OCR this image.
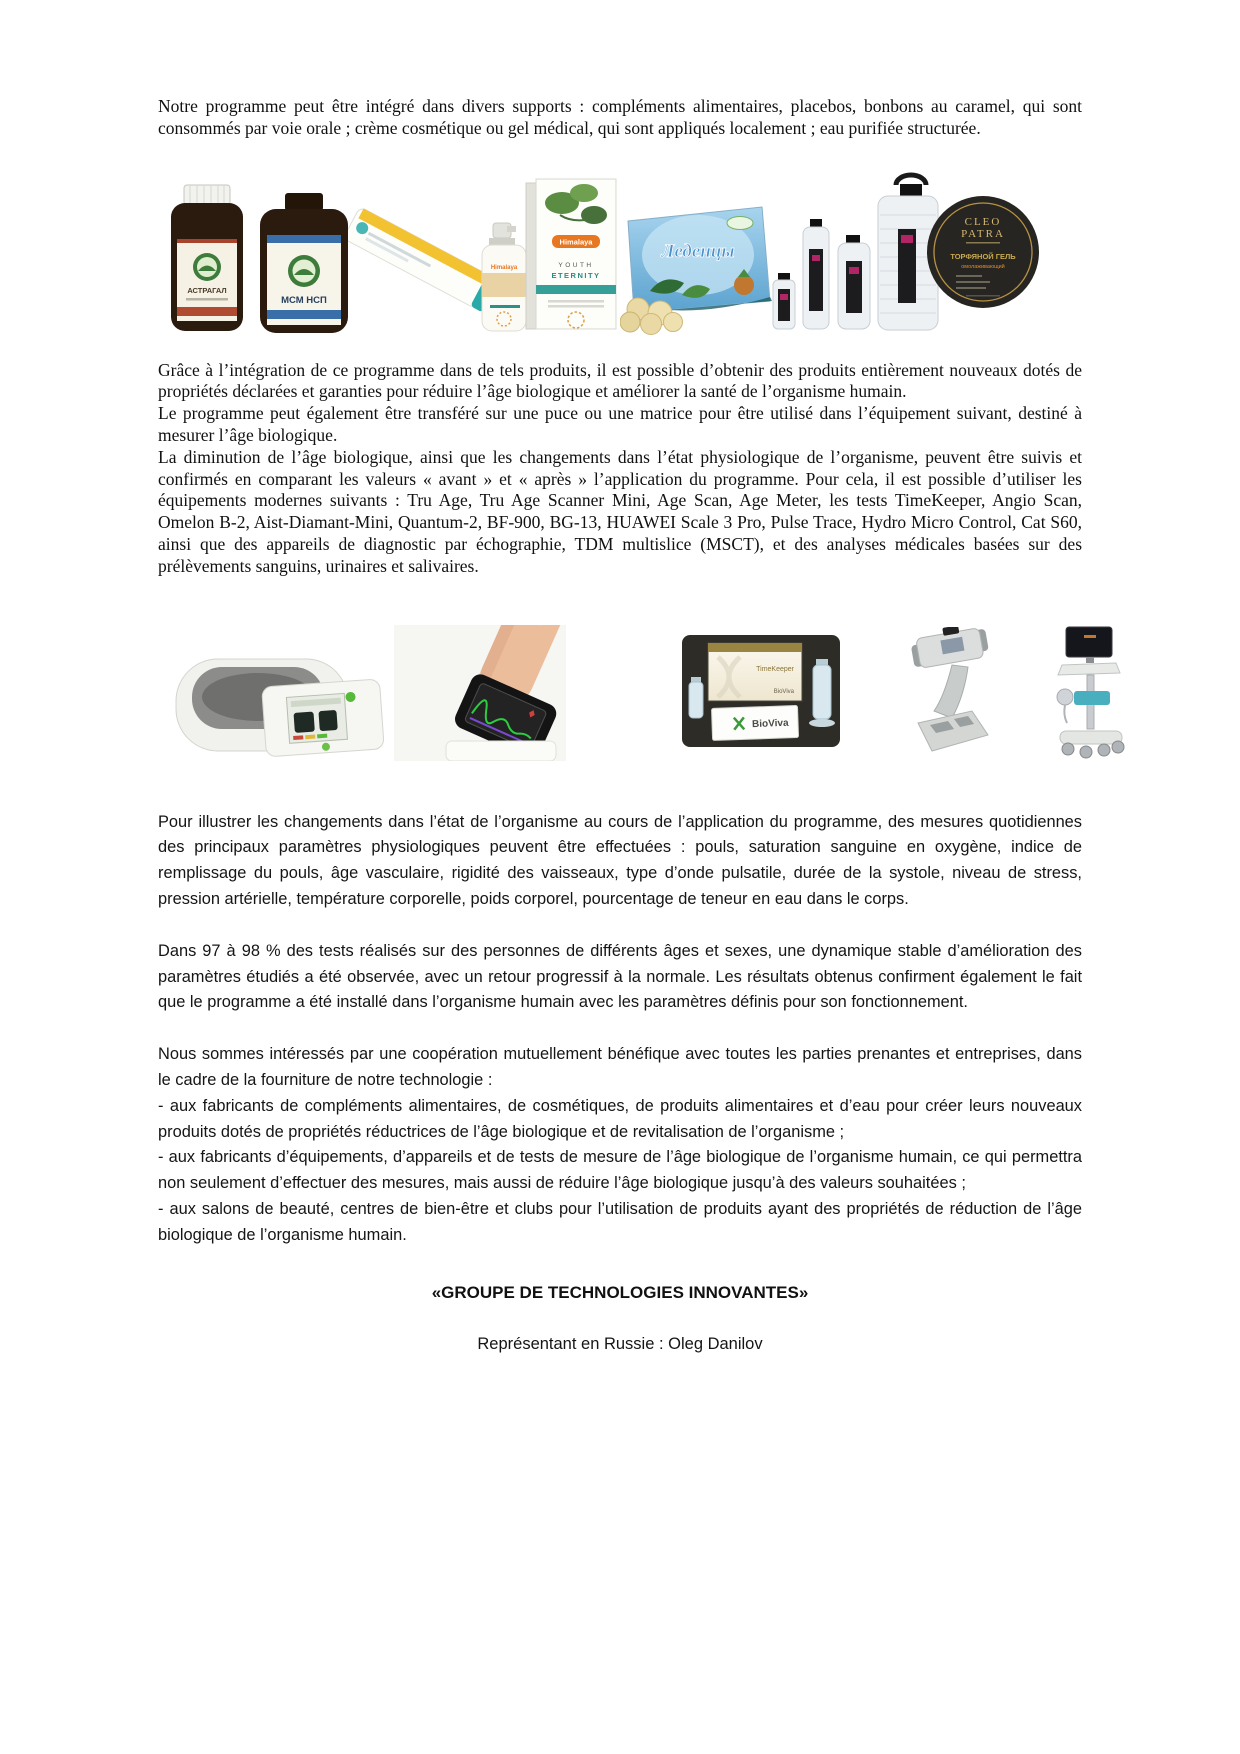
Notre programme peut être intégré dans divers supports : compléments alimentaires, placebos, bonbons au caramel, qui sont consommés par voie orale ; crème cosmétique ou gel médical, qui sont appliqués localement ; eau purifiée structurée.

АСТРАГАЛ
МСМ НСП
Himalaya
Himalaya
YOUTH
ETERNITY
Леденцы
CLEO
PATRA
ТОРФЯНОЙ ГЕЛЬ
омолаживающий

Grâce à l’intégration de ce programme dans de tels produits, il est possible d’obtenir des produits entièrement nouveaux dotés de propriétés déclarées et garanties pour réduire l’âge biologique et améliorer la santé de l’organisme humain.

Le programme peut également être transféré sur une puce ou une matrice pour être utilisé dans l’équipement suivant, destiné à mesurer l’âge biologique.

La diminution de l’âge biologique, ainsi que les changements dans l’état physiologique de l’organisme, peuvent être suivis et confirmés en comparant les valeurs « avant » et « après » l’application du programme. Pour cela, il est possible d’utiliser les équipements modernes suivants : Tru Age, Tru Age Scanner Mini, Age Scan, Age Meter, les tests TimeKeeper, Angio Scan, Omelon B-2, Aist-Diamant-Mini, Quantum-2, BF-900, BG-13, HUAWEI Scale 3 Pro, Pulse Trace, Hydro Micro Control, Cat S60, ainsi que des appareils de diagnostic par échographie, TDM multislice (MSCT), et des analyses médicales basées sur des prélèvements sanguins, urinaires et salivaires.

TimeKeeper
BioViva
BioViva

Pour illustrer les changements dans l’état de l’organisme au cours de l’application du programme, des mesures quotidiennes des principaux paramètres physiologiques peuvent être effectuées : pouls, saturation sanguine en oxygène, indice de remplissage du pouls, âge vasculaire, rigidité des vaisseaux, type d’onde pulsatile, durée de la systole, niveau de stress, pression artérielle, température corporelle, poids corporel, pourcentage de teneur en eau dans le corps.

Dans 97 à 98 % des tests réalisés sur des personnes de différents âges et sexes, une dynamique stable d’amélioration des paramètres étudiés a été observée, avec un retour progressif à la normale. Les résultats obtenus confirment également le fait que le programme a été installé dans l’organisme humain avec les paramètres définis pour son fonctionnement.

Nous sommes intéressés par une coopération mutuellement bénéfique avec toutes les parties prenantes et entreprises, dans le cadre de la fourniture de notre technologie :

- aux fabricants de compléments alimentaires, de cosmétiques, de produits alimentaires et d’eau pour créer leurs nouveaux produits dotés de propriétés réductrices de l’âge biologique et de revitalisation de l’organisme ;

- aux fabricants d’équipements, d’appareils et de tests de mesure de l’âge biologique de l’organisme humain, ce qui permettra non seulement d’effectuer des mesures, mais aussi de réduire l’âge biologique jusqu’à des valeurs souhaitées ;

- aux salons de beauté, centres de bien-être et clubs pour l’utilisation de produits ayant des propriétés de réduction de l’âge biologique de l’organisme humain.

«GROUPE DE TECHNOLOGIES INNOVANTES»

Représentant en Russie : Oleg Danilov
